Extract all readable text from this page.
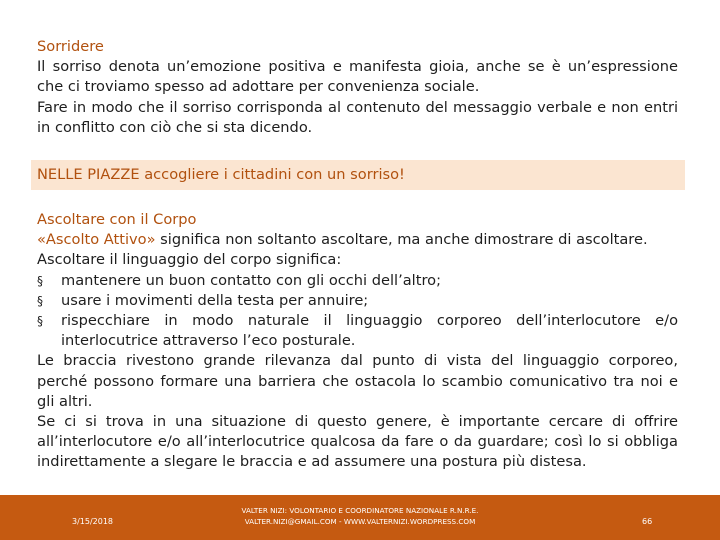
Sorridere

Il sorriso denota un’emozione positiva e manifesta gioia, anche se è un’espressione che ci troviamo spesso ad adottare per convenienza sociale.

Fare in modo che il sorriso corrisponda al contenuto del messaggio verbale e non entri in conflitto con ciò che si sta dicendo.

NELLE PIAZZE accogliere i cittadini con un sorriso!

Ascoltare con il Corpo

«Ascolto Attivo» significa non soltanto ascoltare, ma anche dimostrare di ascoltare.

Ascoltare il linguaggio del corpo significa:

§	mantenere un buon contatto con gli occhi dell’altro;
§	usare i movimenti della testa per annuire;
§	rispecchiare in modo naturale il linguaggio corporeo dell’interlocutore e/o interlocutrice attraverso l’eco posturale.

Le braccia rivestono grande rilevanza dal punto di vista del linguaggio corporeo, perché possono formare una barriera che ostacola lo scambio comunicativo tra noi e gli altri.

Se ci si trova in una situazione di questo genere, è importante cercare di offrire all’interlocutore e/o all’interlocutrice qualcosa da fare o da guardare; così lo si obbliga indirettamente a slegare le braccia e ad assumere una postura più distesa.

3/15/2018
VALTER NIZI: VOLONTARIO E COORDINATORE NAZIONALE R.N.R.E.
VALTER.NIZI@GMAIL.COM - WWW.VALTERNIZI.WORDPRESS.COM	66
